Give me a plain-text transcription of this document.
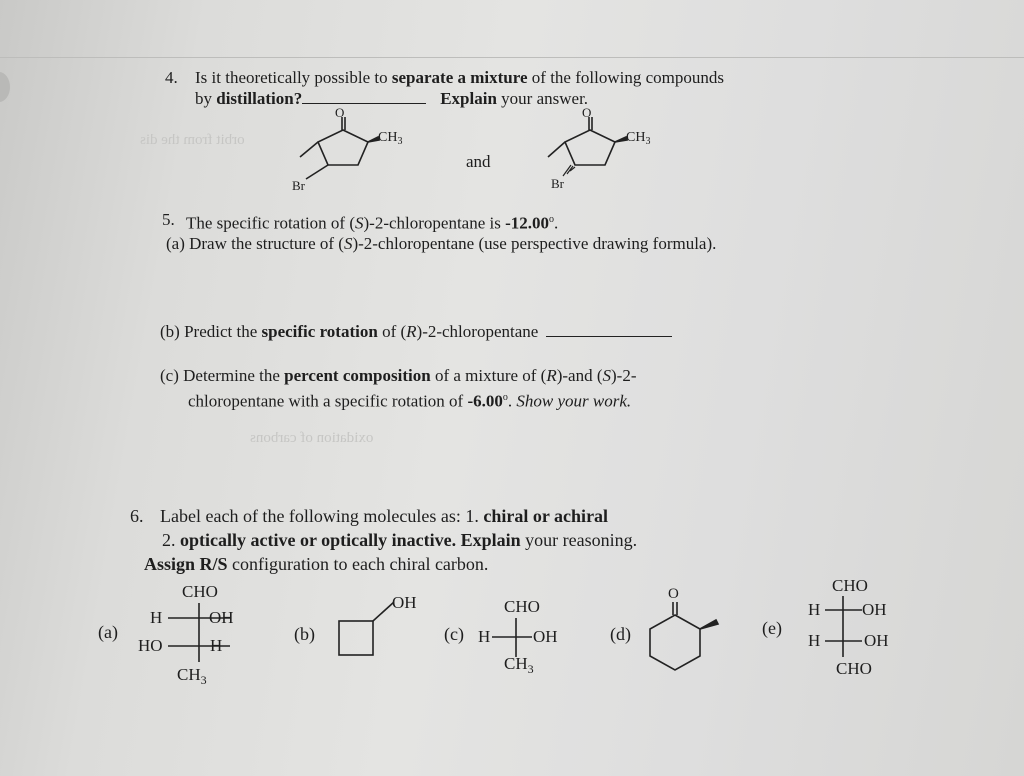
orbit from the dis
oxidation of carbons
4. Is it theoretically possible to separate a mixture of the following compounds
by distillation?	Explain your answer.
O
$CH_3$
Br
O
$CH_3$
Br
and
CHO
H	OH
HO	H
$CH_3$
OH	CHO
H	OH
$CH_3$
O	CHO
H OH
H	OH
CHO
5. The specific rotation of (S)-2-chloropentane is -12.00$^o$.
(a) Draw the structure of (S)-2-chloropentane (use perspective drawing formula).
(b) Predict the specific rotation of (R)-2-chloropentane
(c) Determine the percent composition of a mixture of (R)-and (S)-2-
chloropentane with a specific rotation of -6.00$^o$. Show your work.
6. Label each of the following molecules as: 1. chiral or achiral
2. optically active or optically inactive. Explain your reasoning.
Assign R/S configuration to each chiral carbon.
(a)	(b)	(c)	(d)	(e)
